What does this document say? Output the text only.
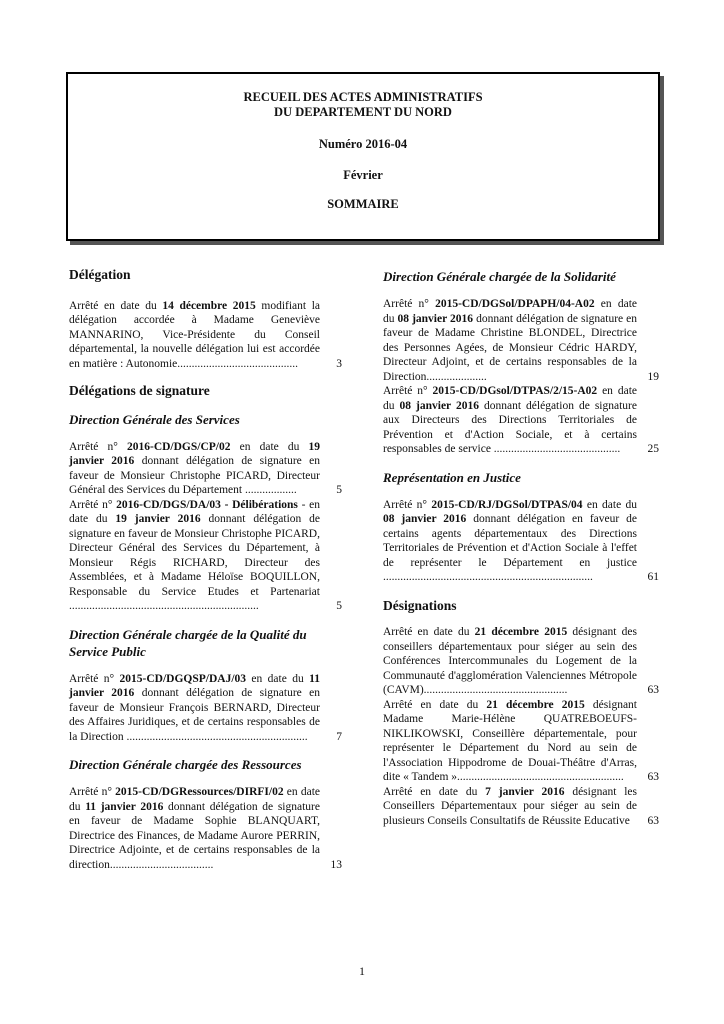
RECUEIL DES ACTES ADMINISTRATIFS
DU DEPARTEMENT DU NORD
Numéro 2016-04
Février
SOMMAIRE
Délégation

Arrêté en date du 14 décembre 2015 modifiant la délégation accordée à Madame Geneviève MANNARINO, Vice-Présidente du Conseil départemental, la nouvelle délégation lui est accordée en matière : Autonomie..........................................	3
Délégations de signature
Direction Générale des Services

Arrêté n° 2016-CD/DGS/CP/02 en date du 19 janvier 2016 donnant délégation de signature en faveur de Monsieur Christophe PICARD, Directeur Général des Services du Département ..................	5

Arrêté n° 2016-CD/DGS/DA/03 - Délibérations - en date du 19 janvier 2016 donnant délégation de signature en faveur de Monsieur Christophe PICARD, Directeur Général des Services du Département, à Monsieur Régis RICHARD, Directeur des Assemblées, et à Madame Héloïse BOQUILLON, Responsable du Service Etudes et Partenariat ..................................................................	5
Direction Générale chargée de la Qualité du Service Public

Arrêté n° 2015-CD/DGQSP/DAJ/03 en date du 11 janvier 2016 donnant délégation de signature en faveur de Monsieur François BERNARD, Directeur des Affaires Juridiques, et de certains responsables de la Direction ...............................................................	7
Direction Générale chargée des Ressources

Arrêté n° 2015-CD/DGRessources/DIRFI/02 en date du 11 janvier 2016 donnant délégation de signature en faveur de Madame Sophie BLANQUART, Directrice des Finances, de Madame Aurore PERRIN, Directrice Adjointe, et de certains responsables de la direction....................................	13
Direction Générale chargée de la Solidarité

Arrêté n° 2015-CD/DGSol/DPAPH/04-A02 en date du 08 janvier 2016 donnant délégation de signature en faveur de Madame Christine BLONDEL, Directrice des Personnes Agées, de Monsieur Cédric HARDY, Directeur Adjoint, et de certains responsables de la Direction.....................	19

Arrêté n° 2015-CD/DGsol/DTPAS/2/15-A02 en date du 08 janvier 2016 donnant délégation de signature aux Directeurs des Directions Territoriales de Prévention et d'Action Sociale, et à certains responsables de service ............................................	25
Représentation en Justice

Arrêté n° 2015-CD/RJ/DGSol/DTPAS/04 en date du 08 janvier 2016 donnant délégation en faveur de certains agents départementaux des Directions Territoriales de Prévention et d'Action Sociale à l'effet de représenter le Département en justice .........................................................................	61
Désignations

Arrêté en date du 21 décembre 2015 désignant des conseillers départementaux pour siéger au sein des Conférences Intercommunales du Logement de la Communauté d'agglomération Valenciennes Métropole (CAVM)..................................................	63

Arrêté en date du 21 décembre 2015 désignant Madame Marie-Hélène QUATREBOEUFS-NIKLIKOWSKI, Conseillère départementale, pour représenter le Département du Nord au sein de l'Association Hippodrome de Douai-Théâtre d'Arras, dite « Tandem »..........................................................	63

Arrêté en date du 7 janvier 2016 désignant les Conseillers Départementaux pour siéger au sein de plusieurs Conseils Consultatifs de Réussite Educative	63
1
